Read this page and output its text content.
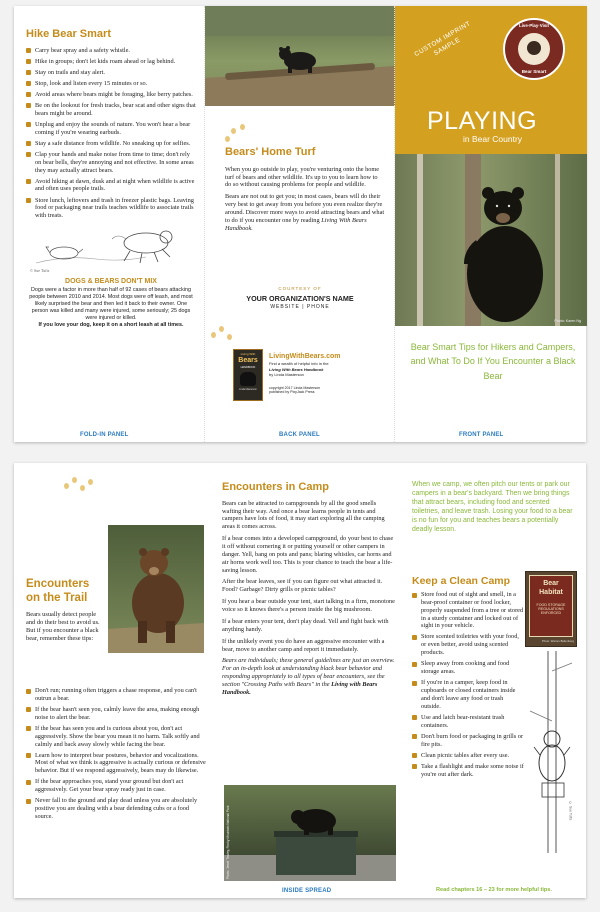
Hike Bear Smart
Carry bear spray and a safety whistle.
Hike in groups; don't let kids roam ahead or lag behind.
Stay on trails and stay alert.
Stop, look and listen every 15 minutes or so.
Avoid areas where bears might be foraging, like berry patches.
Be on the lookout for fresh tracks, bear scat and other signs that bears might be around.
Unplug and enjoy the sounds of nature. You won't hear a bear coming if you're wearing earbuds.
Stay a safe distance from wildlife. No sneaking up for selfies.
Clap your hands and make noise from time to time; don't rely on bear bells, they're annoying and not effective. In some areas they may actually attract bears.
Avoid hiking at dawn, dusk and at night when wildlife is active and often uses people trails.
Store lunch, leftovers and trash in freezer plastic bags. Leaving food or packaging near trails teaches wildlife to associate trails with treats.
© Sue Tufts
DOGS & BEARS DON'T MIX
Dogs were a factor in more than half of 92 cases of bears attacking people between 2010 and 2014. Most dogs were off leash, and most likely surprised the bear and then led it back to their owner. One person was killed and many were injured, some seriously; 25 dogs were injured or killed.
If you love your dog, keep it on a short leash at all times.
FOLD-IN PANEL
Bears' Home Turf

When you go outside to play, you're venturing onto the home turf of bears and other wildlife. It's up to you to learn how to do so without causing problems for people and wildlife.

Bears are not out to get you; in most cases, bears will do their very best to get away from you before you even realize they're around. Discover more ways to avoid attracting bears and what to do if you encounter one by reading Living With Bears Handbook.

COURTESY OF
YOUR ORGANIZATION'S NAME
WEBSITE | PHONE
Living With
Bears
HANDBOOK
Linda Masterson
LivingWithBears.com
Find a wealth of helpful info in the
Living With Bears Handbook
by Linda Masterson
copyright 2017 Linda Masterson
published by PixyJack Press
BACK PANEL
CUSTOM IMPRINT SAMPLE
Live·Play·Visit
Bear Smart
PLAYING
in Bear Country
Photo: Karen Ng
Bear Smart Tips for Hikers and Campers, and What To Do If You Encounter a Black Bear
FRONT PANEL
Encounters on the Trail

Bears usually detect people and do their best to avoid us. But if you encounter a black bear, remember these tips:

Don't run; running often triggers a chase response, and you can't outrun a bear.
If the bear hasn't seen you, calmly leave the area, making enough noise to alert the bear.
If the bear has seen you and is curious about you, don't act aggressively. Show the bear you mean it no harm. Talk softly and calmly and back away slowly while facing the bear.
Learn how to interpret bear postures, behavior and vocalizations. Most of what we think is aggressive is actually curious or defensive behavior. But if we respond aggressively, bears may do likewise.
If the bear approaches you, stand your ground but don't act aggressively. Get your bear spray ready just in case.
Never fall to the ground and play dead unless you are absolutely positive you are dealing with a bear defending cubs or a food source.
Encounters in Camp

Bears can be attracted to campgrounds by all the good smells wafting their way. And once a bear learns people in tents and campers have lots of food, it may start exploring all the camping areas it comes across.

If a bear comes into a developed campground, do your best to chase it off without cornering it or putting yourself or other campers in danger. Yell, bang on pots and pans; blaring whistles, car horns and air horns work well too. This is your chance to teach the bear a life-saving lesson.

After the bear leaves, see if you can figure out what attracted it. Food? Garbage? Dirty grills or picnic tables?

If you hear a bear outside your tent, start talking in a firm, monotone voice so it knows there's a person inside the big mushroom.

If a bear enters your tent, don't play dead. Yell and fight back with anything handy.

If the unlikely event you do have an aggressive encounter with a bear, move to another camp and report it immediately.

Bears are individuals; these general guidelines are just an overview. For an in-depth look at understanding black bear behavior and responding appropriately to all types of bear encounters, see the section "Crossing Paths with Bears" in the Living with Bears Handbook.

Photo: Jewel Tinsley, Rocky Mountain National Park
INSIDE SPREAD
When we camp, we often pitch our tents or park our campers in a bear's backyard. Then we bring things that attract bears, including food and scented toiletries, and leave trash. Losing your food to a bear is no fun for you and teaches bears a potentially deadly lesson.
Keep a Clean Camp	Bear
Habitat
FOOD STORAGE
REGULATIONS
ENFORCED
Photo: Warren Bellenberg
© Sue Tufts
Store food out of sight and smell, in a bear-proof container or food locker, properly suspended from a tree or stored in a sturdy container and locked out of sight in your vehicle.
Store scented toiletries with your food, or even better, avoid using scented products.
Sleep away from cooking and food storage areas.
If you're in a camper, keep food in cupboards or closed containers inside and don't leave any food or trash outside.
Use and latch bear-resistant trash containers.
Don't burn food or packaging in grills or fire pits.
Clean picnic tables after every use.
Take a flashlight and make some noise if you're out after dark.
Read chapters 16 – 23 for more helpful tips.
